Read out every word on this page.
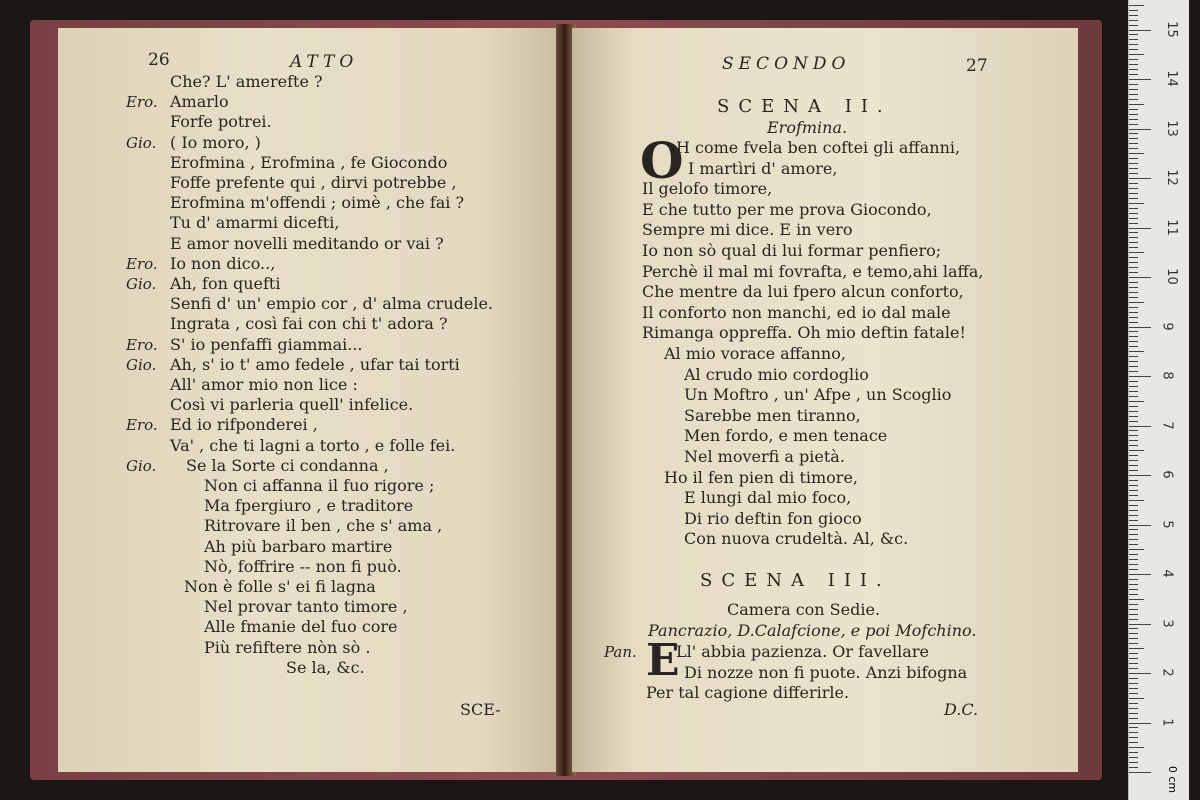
26	ATTO
Che? L' amerefte ?
Ero. Amarlo
Forfe potrei.
Gio. ( Io moro, )
Erofmina , Erofmina , fe Giocondo
Foffe prefente qui , dirvi potrebbe ,
Erofmina m'offendi ; oimè , che fai ?
Tu d' amarmi dicefti,
E amor novelli meditando or vai ?
Ero. Io non dico..,
Gio. Ah, fon quefti
Senfi d' un' empio cor , d' alma crudele.
Ingrata , così fai con chi t' adora ?
Ero. S' io penfaffi giammai...
Gio. Ah, s' io t' amo fedele , ufar tai torti
All' amor mio non lice :
Così vi parleria quell' infelice.
Ero. Ed io rifponderei ,
Va' , che ti lagni a torto , e folle fei.
Gio. Se la Sorte ci condanna ,
Non ci affanna il fuo rigore ;
Ma fpergiuro , e traditore
Ritrovare il ben , che s' ama ,
Ah più barbaro martire
Nò, foffrire -- non fi può.
Non è folle s' ei fi lagna
Nel provar tanto timore ,
Alle fmanie del fuo core
Più refiftere nòn sò .
Se la, &c.
SCE-
SECONDO	27
SCENA II.
Erofmina.
O
H come fvela ben coftei gli affanni,
I martìri d' amore,
Il gelofo timore,
E che tutto per me prova Giocondo,
Sempre mi dice. E in vero
Io non sò qual di lui formar penfiero;
Perchè il mal mi fovrafta, e temo,ahi laffa,
Che mentre da lui fpero alcun conforto,
Il conforto non manchi, ed io dal male
Rimanga oppreffa. Oh mio deftin fatale!
Al mio vorace affanno,
Al crudo mio cordoglio
Un Moftro , un' Afpe , un Scoglio
Sarebbe men tiranno,
Men fordo, e men tenace
Nel moverfi a pietà.
Ho il fen pien di timore,
E lungi dal mio foco,
Di rio deftin fon gioco
Con nuova crudeltà. Al, &c.
SCENA III.
Camera con Sedie.
Pancrazio, D.Calafcione, e poi Mofchino.
Pan. E
Ll' abbia pazienza. Or favellare
Di nozze non fi puote. Anzi bifogna
Per tal cagione differirle.
D.C.
1
2
3
4
5
6
7
8
9
10
11
12
13
14
15
0 cm
